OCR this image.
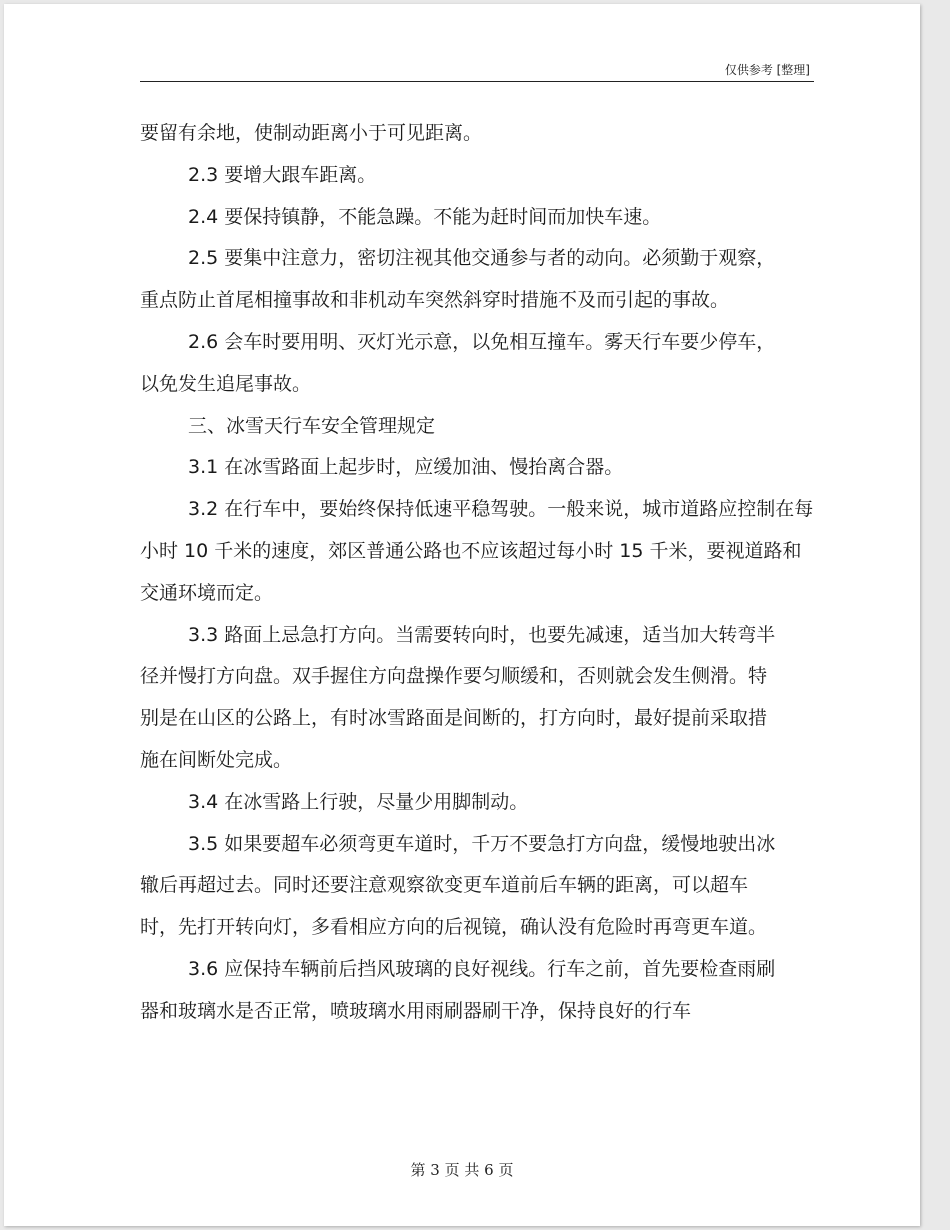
仅供参考 [整理]

要留有余地，使制动距离小于可见距离。

2.3 要增大跟车距离。

2.4 要保持镇静，不能急躁。不能为赶时间而加快车速。

2.5 要集中注意力，密切注视其他交通参与者的动向。必须勤于观察，重点防止首尾相撞事故和非机动车突然斜穿时措施不及而引起的事故。

2.6 会车时要用明、灭灯光示意，以免相互撞车。雾天行车要少停车，以免发生追尾事故。

三、冰雪天行车安全管理规定

3.1 在冰雪路面上起步时，应缓加油、慢抬离合器。

3.2 在行车中，要始终保持低速平稳驾驶。一般来说，城市道路应控制在每小时 10 千米的速度，郊区普通公路也不应该超过每小时 15 千米，要视道路和交通环境而定。

3.3 路面上忌急打方向。当需要转向时，也要先减速，适当加大转弯半径并慢打方向盘。双手握住方向盘操作要匀顺缓和，否则就会发生侧滑。特别是在山区的公路上，有时冰雪路面是间断的，打方向时，最好提前采取措施在间断处完成。

3.4 在冰雪路上行驶，尽量少用脚制动。

3.5 如果要超车必须弯更车道时，千万不要急打方向盘，缓慢地驶出冰辙后再超过去。同时还要注意观察欲变更车道前后车辆的距离，可以超车时，先打开转向灯，多看相应方向的后视镜，确认没有危险时再弯更车道。

3.6 应保持车辆前后挡风玻璃的良好视线。行车之前，首先要检查雨刷器和玻璃水是否正常，喷玻璃水用雨刷器刷干净，保持良好的行车

第 3 页 共 6 页
